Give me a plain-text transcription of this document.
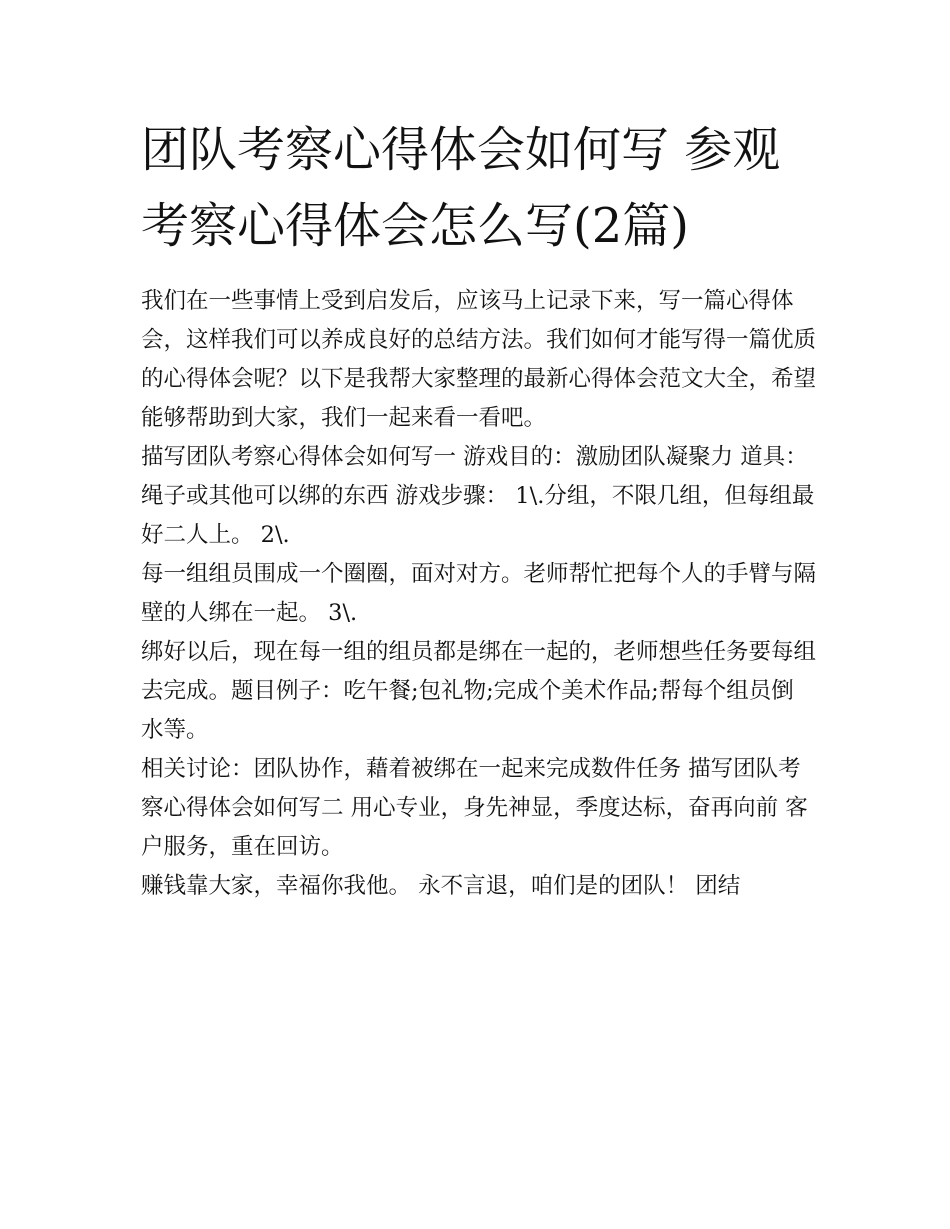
团队考察心得体会如何写 参观考察心得体会怎么写(2篇)

我们在一些事情上受到启发后，应该马上记录下来，写一篇心得体会，这样我们可以养成良好的总结方法。我们如何才能写得一篇优质的心得体会呢？以下是我帮大家整理的最新心得体会范文大全，希望能够帮助到大家，我们一起来看一看吧。

描写团队考察心得体会如何写一 游戏目的：激励团队凝聚力 道具：绳子或其他可以绑的东西 游戏步骤： 1\.分组，不限几组，但每组最好二人上。 2\.

每一组组员围成一个圈圈，面对对方。老师帮忙把每个人的手臂与隔壁的人绑在一起。 3\.

绑好以后，现在每一组的组员都是绑在一起的，老师想些任务要每组去完成。题目例子：吃午餐;包礼物;完成个美术作品;帮每个组员倒水等。

相关讨论：团队协作，藉着被绑在一起来完成数件任务 描写团队考察心得体会如何写二 用心专业，身先神显，季度达标，奋再向前 客户服务，重在回访。

赚钱靠大家，幸福你我他。 永不言退，咱们是的团队！ 团结
